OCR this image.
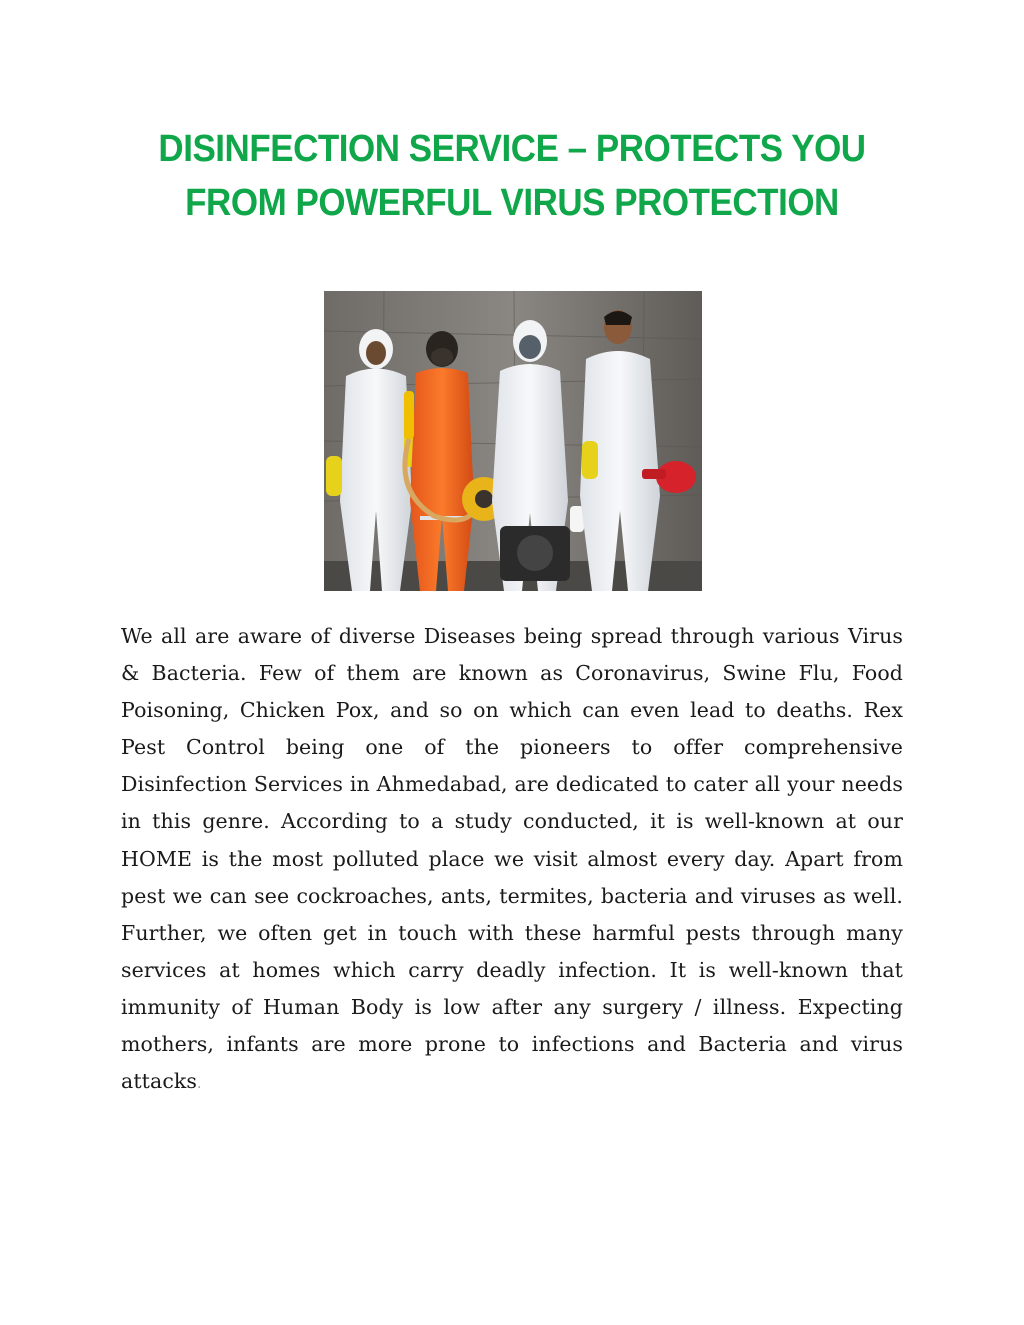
DISINFECTION SERVICE – PROTECTS YOU FROM POWERFUL VIRUS PROTECTION

We all are aware of diverse Diseases being spread through various Virus & Bacteria. Few of them are known as Coronavirus, Swine Flu, Food Poisoning, Chicken Pox, and so on which can even lead to deaths. Rex Pest Control being one of the pioneers to offer comprehensive Disinfection Services in Ahmedabad, are dedicated to cater all your needs in this genre. According to a study conducted, it is well-known at our HOME is the most polluted place we visit almost every day. Apart from pest we can see cockroaches, ants, termites, bacteria and viruses as well. Further, we often get in touch with these harmful pests through many services at homes which carry deadly infection. It is well-known that immunity of Human Body is low after any surgery / illness. Expecting mothers, infants are more prone to infections and Bacteria and virus attacks.
